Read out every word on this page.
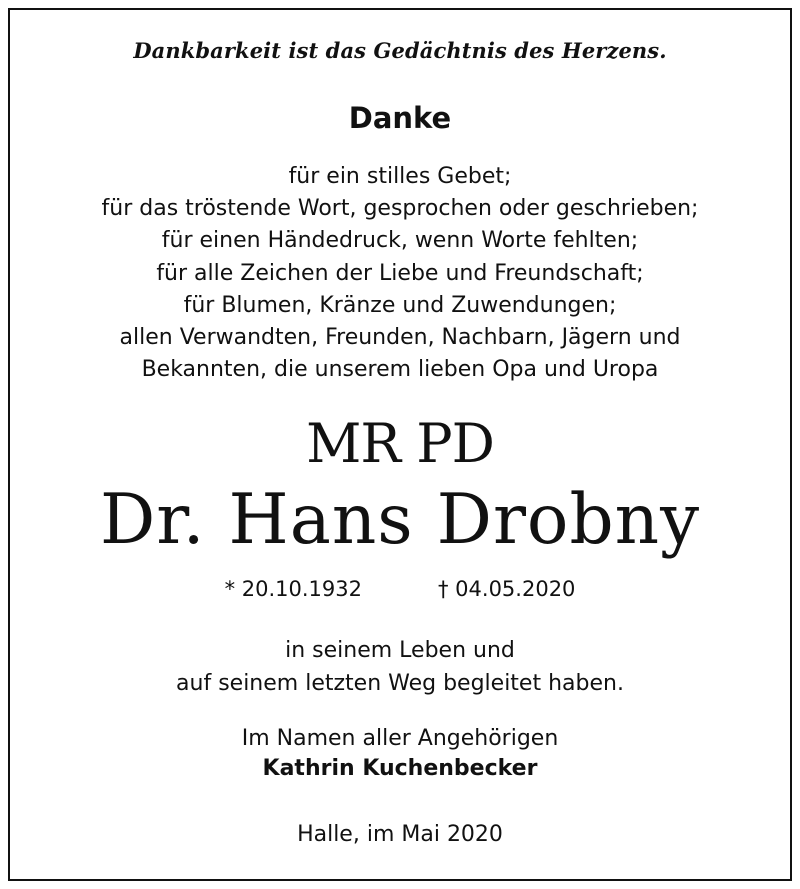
Dankbarkeit ist das Gedächtnis des Herzens.

Danke
für ein stilles Gebet;
für das tröstende Wort, gesprochen oder geschrieben;
für einen Händedruck, wenn Worte fehlten;
für alle Zeichen der Liebe und Freundschaft;
für Blumen, Kränze und Zuwendungen;
allen Verwandten, Freunden, Nachbarn, Jägern und
Bekannten, die unserem lieben Opa und Uropa
MR PD
Dr. Hans Drobny
* 20.10.1932	† 04.05.2020
in seinem Leben und
auf seinem letzten Weg begleitet haben.
Im Namen aller Angehörigen
Kathrin Kuchenbecker
Halle, im Mai 2020
